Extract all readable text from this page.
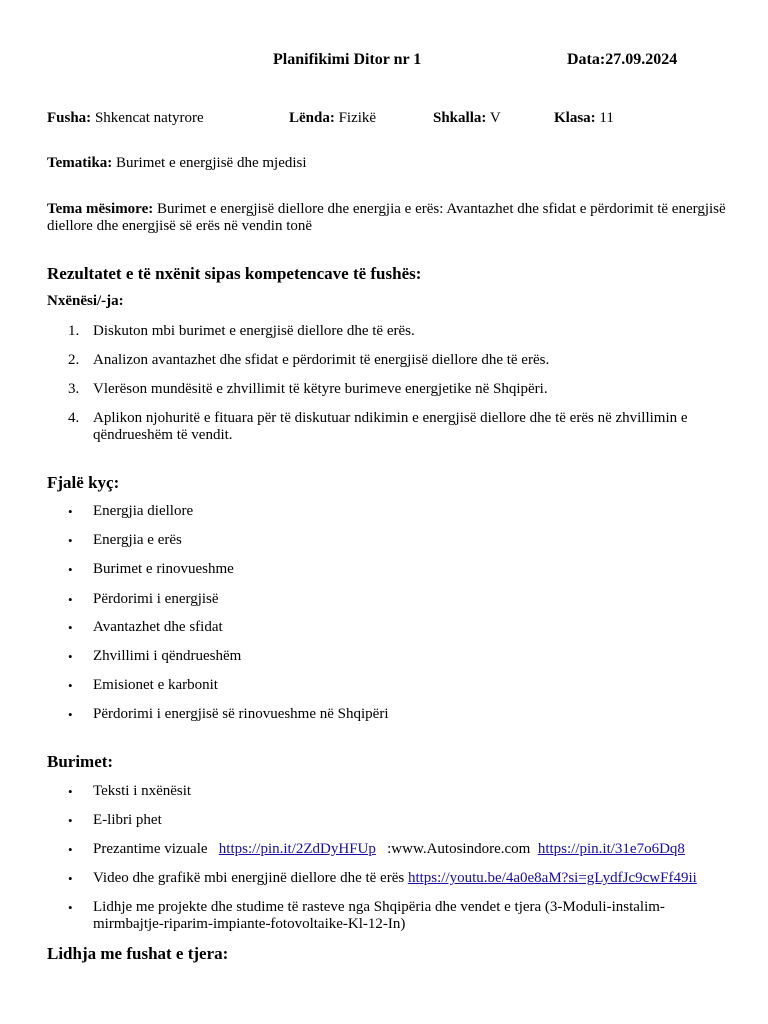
Planifikimi Ditor nr 1	Data:27.09.2024
Fusha: Shkencat natyrore	Lënda: Fizikë	Shkalla: V	Klasa: 11
Tematika: Burimet e energjisë dhe mjedisi
Tema mësimore: Burimet e energjisë diellore dhe energjia e erës: Avantazhet dhe sfidat e përdorimit të energjisë diellore dhe energjisë së erës në vendin tonë
Rezultatet e të nxënit sipas kompetencave të fushës:
Nxënësi/-ja:
1. Diskuton mbi burimet e energjisë diellore dhe të erës.
2. Analizon avantazhet dhe sfidat e përdorimit të energjisë diellore dhe të erës.
3. Vlerëson mundësitë e zhvillimit të këtyre burimeve energjetike në Shqipëri.
4. Aplikon njohuritë e fituara për të diskutuar ndikimin e energjisë diellore dhe të erës në zhvillimin e qëndrueshëm të vendit.
Fjalë kyç:
• Energjia diellore
• Energjia e erës
• Burimet e rinovueshme
• Përdorimi i energjisë
• Avantazhet dhe sfidat
• Zhvillimi i qëndrueshëm
• Emisionet e karbonit
• Përdorimi i energjisë së rinovueshme në Shqipëri
Burimet:
• Teksti i nxënësit
• E-libri phet
• Prezantime vizuale https://pin.it/2ZdDyHFUp :www.Autosindore.com https://pin.it/31e7o6Dq8
• Video dhe grafikë mbi energjinë diellore dhe të erës https://youtu.be/4a0e8aM?si=gLydfJc9cwFf49ii
• Lidhje me projekte dhe studime të rasteve nga Shqipëria dhe vendet e tjera (3-Moduli-instalim-mirmbajtje-riparim-impiante-fotovoltaike-Kl-12-In)
Lidhja me fushat e tjera:
